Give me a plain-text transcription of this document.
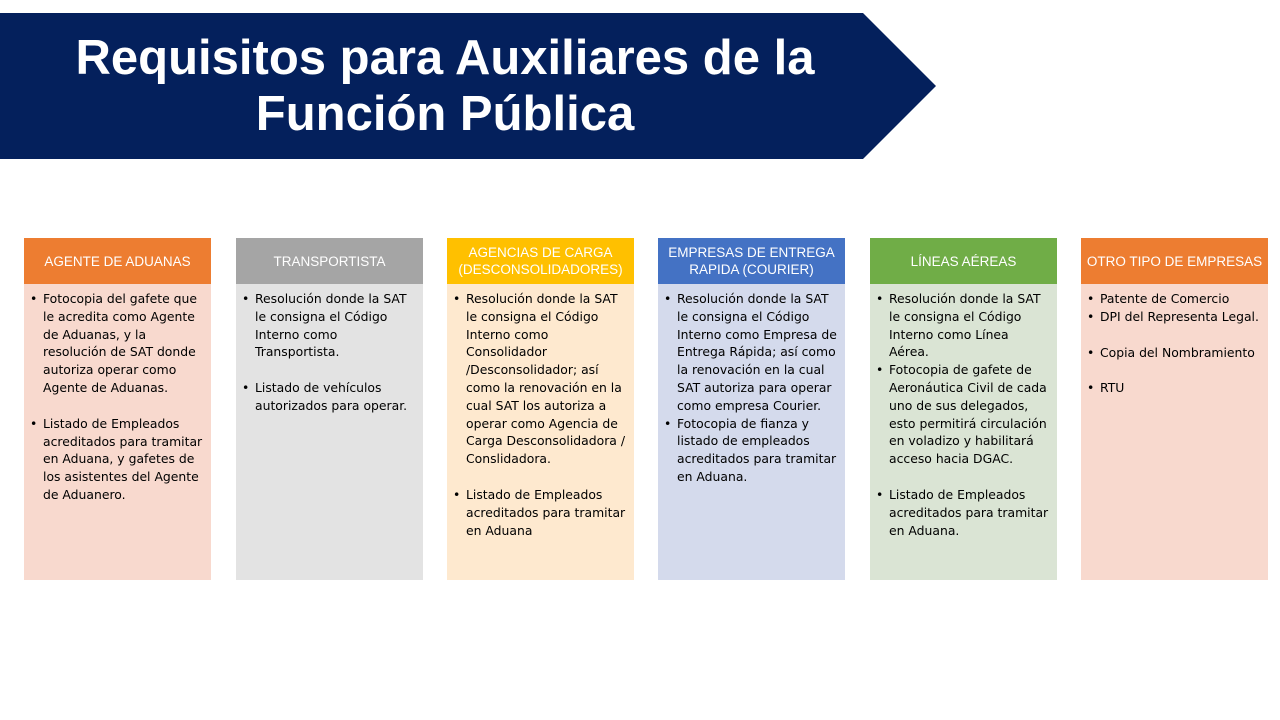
Requisitos para Auxiliares de la Función Pública
AGENTE DE ADUANAS
• Fotocopia del gafete que le acredita como Agente de Aduanas, y la resolución de SAT donde autoriza operar como Agente de Aduanas.
• Listado de Empleados acreditados para tramitar en Aduana, y gafetes de los asistentes del Agente de Aduanero.
TRANSPORTISTA
• Resolución donde la SAT le consigna el Código Interno como Transportista.
• Listado de vehículos autorizados para operar.
AGENCIAS DE CARGA (DESCONSOLIDADORES)
• Resolución donde la SAT le consigna el Código Interno como Consolidador /Desconsolidador; así como la renovación en la cual SAT los autoriza a operar como Agencia de Carga Desconsolidadora / Conslidadora.
• Listado de Empleados acreditados para tramitar en Aduana
EMPRESAS DE ENTREGA RAPIDA (COURIER)
• Resolución donde la SAT le consigna el Código Interno como Empresa de Entrega Rápida; así como la renovación en la cual SAT autoriza para operar como empresa Courier.
• Fotocopia de fianza y listado de empleados acreditados para tramitar en Aduana.
LÍNEAS AÉREAS
• Resolución donde la SAT le consigna el Código Interno como Línea Aérea.
• Fotocopia de gafete de Aeronáutica Civil de cada uno de sus delegados, esto permitirá circulación en voladizo y habilitará acceso hacia DGAC.
• Listado de Empleados acreditados para tramitar en Aduana.
OTRO TIPO DE EMPRESAS
• Patente de Comercio
• DPI del Representa Legal.
• Copia del Nombramiento
• RTU
